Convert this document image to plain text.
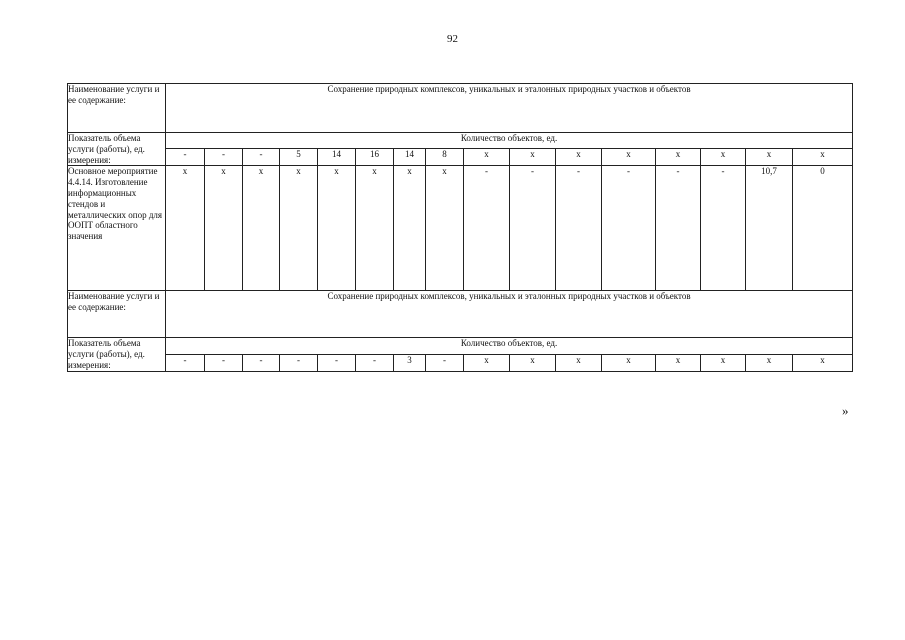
92
Наименование услуги и ее содержание:	Сохранение природных комплексов, уникальных и эталонных природных участков и объектов															
Показатель объема услуги (работы), ед. измерения:	Количество объектов, ед.															
	-	-	-	5	14	16	14	8	x	x	x	x	x	x	x	x
Основное мероприятие 4.4.14. Изготовление информационных стендов и металлических опор для ООПТ областного значения	x	x	x	x	x	x	x	x	-	-	-	-	-	-	10,7	0
Наименование услуги и ее содержание:	Сохранение природных комплексов, уникальных и эталонных природных участков и объектов															
Показатель объема услуги (работы), ед. измерения:	Количество объектов, ед.															
	-	-	-	-	-	-	3	-	x	x	x	x	x	x	x	x
»
